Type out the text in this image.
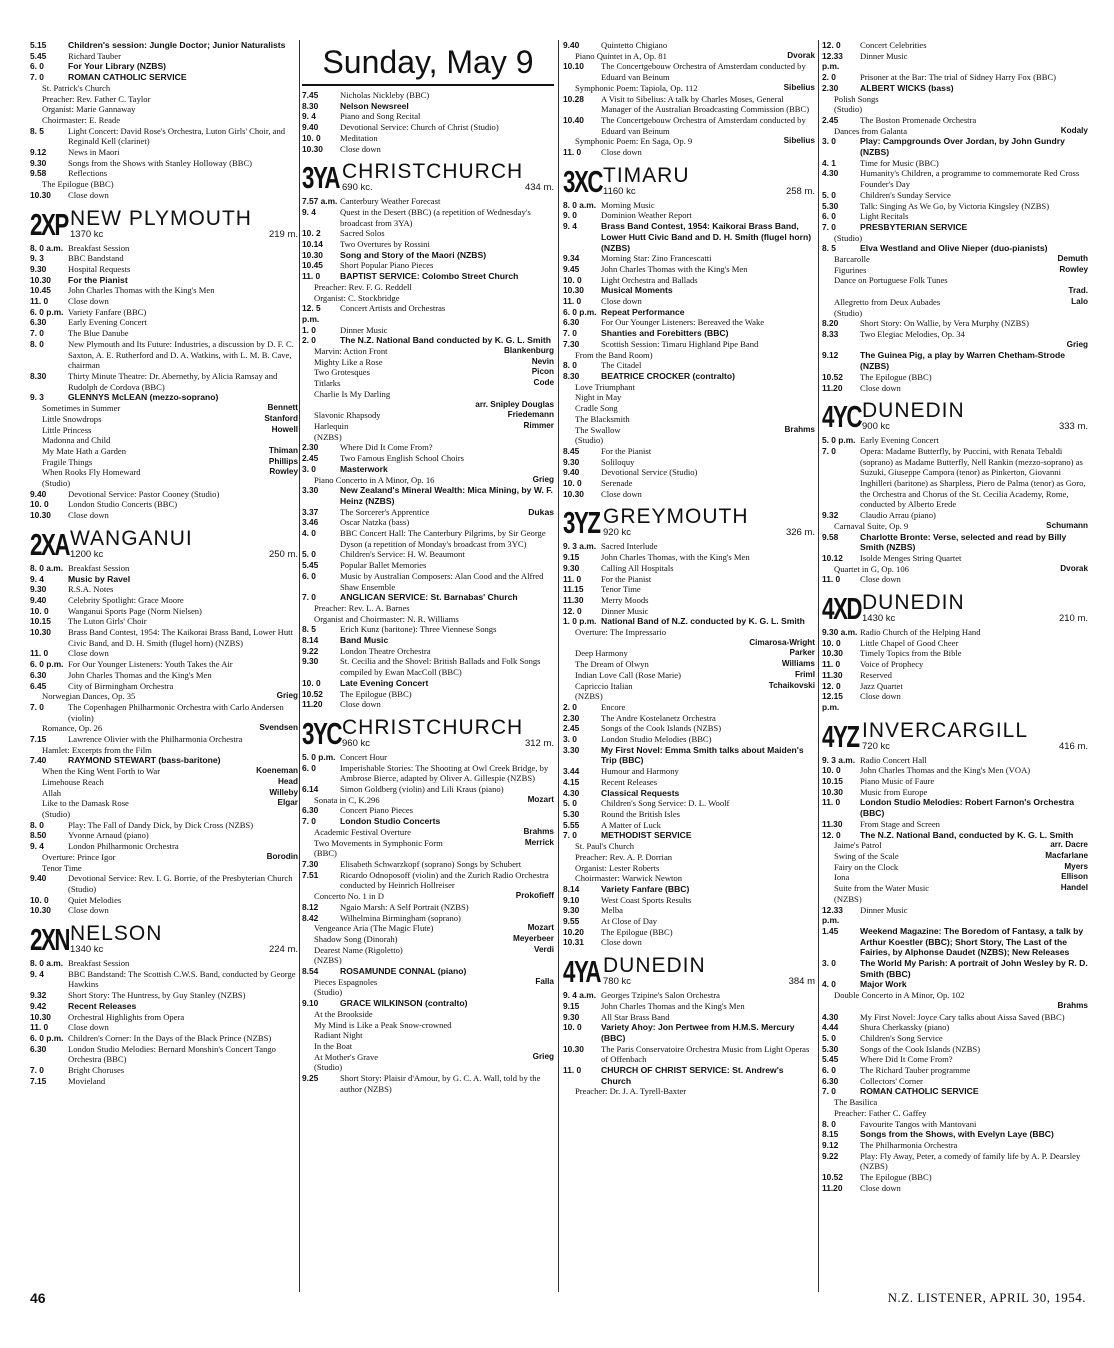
Sunday, May 9
5.15	Children's session: Jungle Doctor; Junior Naturalists
5.45	Richard Tauber
6. 0	For Your Library (NZBS)
7. 0	ROMAN CATHOLIC SERVICE
St. Patrick's Church
Preacher: Rev. Father C. Taylor
Organist: Marie Gannaway
Choirmaster: E. Reade
8. 5	Light Concert: David Rose's Orchestra, Luton Girls' Choir, and Reginald Kell (clarinet)
9.12	News in Maori
9.30	Songs from the Shows with Stanley Holloway (BBC)
9.58	Reflections
The Epilogue (BBC)
10.30	Close down
2XP NEW PLYMOUTH
1370 kc	219 m.
8. 0 a.m. Breakfast Session
9. 3	BBC Bandstand
9.30	Hospital Requests
10.30	For the Pianist
10.45	John Charles Thomas with the King's Men
11. 0	Close down
6. 0 p.m. Variety Fanfare (BBC)
6.30	Early Evening Concert
7. 0	The Blue Danube
8. 0	New Plymouth and Its Future: Industries, a discussion by D. F. C. Saxton, A. E. Rutherford and D. A. Watkins, with L. M. B. Cave, chairman
8.30	Thirty Minute Theatre: Dr. Abernethy, by Alicia Ramsay and Rudolph de Cordova (BBC)
9. 3	GLENNYS McLEAN (mezzo-soprano)
Sometimes in Summer	Bennett
Little Snowdrops	Stanford
Little Princess	Howell
Madonna and Child
My Mate Hath a Garden	Thiman
Fragile Things	Phillips
When Rooks Fly Homeward	Rowley
(Studio)
9.40	Devotional Service: Pastor Cooney (Studio)
10. 0	London Studio Concerts (BBC)
10.30	Close down
2XA WANGANUI
1200 kc	250 m.
8. 0 a.m. Breakfast Session
9. 4	Music by Ravel
9.30	R.S.A. Notes
9.40	Celebrity Spotlight: Grace Moore
10. 0	Wanganui Sports Page (Norm Nielsen)
10.15	The Luton Girls' Choir
10.30	Brass Band Contest, 1954: The Kaikorai Brass Band, Lower Hutt Civic Band, and D. H. Smith (flugel horn) (NZBS)
11. 0	Close down
6. 0 p.m. For Our Younger Listeners: Youth Takes the Air
6.30	John Charles Thomas and the King's Men
6.45	City of Birmingham Orchestra
Norwegian Dances, Op. 35	Grieg
7. 0	The Copenhagen Philharmonic Orchestra with Carlo Andersen (violin)
Romance, Op. 26	Svendsen
7.15	Lawrence Olivier with the Philharmonia Orchestra
Hamlet: Excerpts from the Film
7.40	RAYMOND STEWART (bass-baritone)
When the King Went Forth to War	Koeneman
Limehouse Reach	Head
Allah	Willeby
Like to the Damask Rose	Elgar
(Studio)
8. 0	Play: The Fall of Dandy Dick, by Dick Cross (NZBS)
8.50	Yvonne Arnaud (piano)
9. 4	London Philharmonic Orchestra
Overture: Prince Igor	Borodin
Tenor Time
9.40	Devotional Service: Rev. I. G. Borrie, of the Presbyterian Church (Studio)
10. 0	Quiet Melodies
10.30	Close down
2XN NELSON
1340 kc	224 m.
8. 0 a.m. Breakfast Session
9. 4	BBC Bandstand: The Scottish C.W.S. Band, conducted by George Hawkins
9.32	Short Story: The Huntress, by Guy Stanley (NZBS)
9.42	Recent Releases
10.30	Orchestral Highlights from Opera
11. 0	Close down
6. 0 p.m. Children's Corner: In the Days of the Black Prince (NZBS)
6.30	London Studio Melodies: Bernard Monshin's Concert Tango Orchestra (BBC)
7. 0	Bright Choruses
7.15	Movieland
7.45	Nicholas Nickleby (BBC)
8.30	Nelson Newsreel
9. 4	Piano and Song Recital
9.40	Devotional Service: Church of Christ (Studio)
10. 0	Meditation
10.30	Close down
3YA CHRISTCHURCH
690 kc.	434 m.
7.57 a.m. Canterbury Weather Forecast
9. 4	Quest in the Desert (BBC) (a repetition of Wednesday's broadcast from 3YA)
10. 2	Sacred Solos
10.14	Two Overtures by Rossini
10.30	Song and Story of the Maori (NZBS)
10.45	Short Popular Piano Pieces
11. 0	BAPTIST SERVICE: Colombo Street Church
Preacher: Rev. F. G. Reddell
Organist: C. Stockbridge
12. 5 p.m.
Concert Artists and Orchestras
1. 0	Dinner Music
2. 0	The N.Z. National Band conducted by K. G. L. Smith
Marvin: Action Front	Blankenburg
Mighty Like a Rose	Nevin
Two Grotesques	Picon
Titlarks	Code
Charlie Is My Darling
arr. Snipley Douglas
Slavonic Rhapsody	Friedemann
Harlequin	Rimmer
(NZBS)
2.30	Where Did It Come From?
2.45	Two Famous English School Choirs
3. 0	Masterwork
Piano Concerto in A Minor, Op. 16	Grieg
3.30	New Zealand's Mineral Wealth: Mica Mining, by W. F. Heinz (NZBS)
3.37	The Sorcerer's Apprentice	Dukas
3.46	Oscar Natzka (bass)
4. 0	BBC Concert Hall: The Canterbury Pilgrims, by Sir George Dyson (a repetition of Monday's broadcast from 3YC)
5. 0	Children's Service: H. W. Beaumont
5.45	Popular Ballet Memories
6. 0	Music by Australian Composers: Alan Cood and the Alfred Shaw Ensemble
7. 0	ANGLICAN SERVICE: St. Barnabas' Church
Preacher: Rev. L. A. Barnes
Organist and Choirmaster: N. R. Williams
8. 5	Erich Kunz (baritone): Three Viennese Songs
8.14	Band Music
9.22	London Theatre Orchestra
9.30	St. Cecilia and the Shovel: British Ballads and Folk Songs compiled by Ewan MacColl (BBC)
10. 0	Late Evening Concert
10.52	The Epilogue (BBC)
11.20	Close down
3YC CHRISTCHURCH
960 kc	312 m.
5. 0 p.m. Concert Hour
6. 0	Imperishable Stories: The Shooting at Owl Creek Bridge, by Ambrose Bierce, adapted by Oliver A. Gillespie (NZBS)
6.14	Simon Goldberg (violin) and Lili Kraus (piano)
Sonata in C, K.296	Mozart
6.30	Concert Piano Pieces
7. 0	London Studio Concerts
Academic Festival Overture	Brahms
Two Movements in Symphonic Form	Merrick
(BBC)
7.30	Elisabeth Schwarzkopf (soprano) Songs by Schubert
7.51	Ricardo Odnoposoff (violin) and the Zurich Radio Orchestra conducted by Heinrich Hollreiser
Concerto No. 1 in D	Prokofieff
8.12	Ngaio Marsh: A Self Portrait (NZBS)
8.42	Wilhelmina Birmingham (soprano)
Vengeance Aria (The Magic Flute)	Mozart
Shadow Song (Dinorah)	Meyerbeer
Dearest Name (Rigoletto)	Verdi
(NZBS)
8.54	ROSAMUNDE CONNAL (piano)
Pieces Espagnoles	Falla
(Studio)
9.10	GRACE WILKINSON (contralto)
At the Brookside
My Mind is Like a Peak Snow-crowned
Radiant Night
In the Boat
At Mother's Grave	Grieg
(Studio)
9.25	Short Story: Plaisir d'Amour, by G. C. A. Wall, told by the author (NZBS)
9.40	Quintetto Chigiano
Piano Quintet in A, Op. 81	Dvorak
10.10	The Concertgebouw Orchestra of Amsterdam conducted by Eduard van Beinum
Symphonic Poem: Tapiola, Op. 112	Sibelius
10.28	A Visit to Sibelius: A talk by Charles Moses, General Manager of the Australian Broadcasting Commission (BBC)
10.40	The Concertgebouw Orchestra of Amsterdam conducted by Eduard van Beinum
Symphonic Poem: En Saga, Op. 9	Sibelius
11. 0	Close down
3XC TIMARU
1160 kc	258 m.
8. 0 a.m. Morning Music
9. 0	Dominion Weather Report
9. 4	Brass Band Contest, 1954: Kaikorai Brass Band, Lower Hutt Civic Band and D. H. Smith (flugel horn) (NZBS)
9.34	Morning Star: Zino Francescatti
9.45	John Charles Thomas with the King's Men
10. 0	Light Orchestra and Ballads
10.30	Musical Moments
11. 0	Close down
6. 0 p.m. Repeat Performance
6.30	For Our Younger Listeners: Bereaved the Wake
7. 0	Shanties and Forebitters (BBC)
7.30	Scottish Session: Timaru Highland Pipe Band
From the Band Room)
8. 0	The Citadel
8.30	BEATRICE CROCKER (contralto)
Love Triumphant
Night in May
Cradle Song
The Blacksmith
The Swallow	Brahms
(Studio)
8.45	For the Pianist
9.30	Soliloquy
9.40	Devotional Service (Studio)
10. 0	Serenade
10.30	Close down
3YZ GREYMOUTH
920 kc	326 m.
9. 3 a.m. Sacred Interlude
9.15	John Charles Thomas, with the King's Men
9.30	Calling All Hospitals
11. 0	For the Pianist
11.15	Tenor Time
11.30	Merry Moods
12. 0	Dinner Music
1. 0 p.m. National Band of N.Z. conducted by K. G. L. Smith
Overture: The Impressario
Cimarosa-Wright
Deep Harmony	Parker
The Dream of Olwyn	Williams
Indian Love Call (Rose Marie)	Friml
Capriccio Italian	Tchaikovski
(NZBS)
2. 0	Encore
2.30	The Andre Kostelanetz Orchestra
2.45	Songs of the Cook Islands (NZBS)
3. 0	London Studio Melodies (BBC)
3.30	My First Novel: Emma Smith talks about Maiden's Trip (BBC)
3.44	Humour and Harmony
4.15	Recent Releases
4.30	Classical Requests
5. 0	Children's Song Service: D. L. Woolf
5.30	Round the British Isles
5.55	A Matter of Luck
7. 0	METHODIST SERVICE
St. Paul's Church
Preacher: Rev. A. P. Dorrian
Organist: Lester Roberts
Choirmaster: Warwick Newton
8.14	Variety Fanfare (BBC)
9.10	West Coast Sports Results
9.30	Melba
9.55	At Close of Day
10.20	The Epilogue (BBC)
10.31	Close down
4YA DUNEDIN
780 kc	384 m
9. 4 a.m. Georges Tzipine's Salon Orchestra
9.15	John Charles Thomas and the King's Men
9.30	All Star Brass Band
10. 0	Variety Ahoy: Jon Pertwee from H.M.S. Mercury (BBC)
10.30	The Paris Conservatoire Orchestra Music from Light Operas of Offenbach
11. 0	CHURCH OF CHRIST SERVICE: St. Andrew's Church
Preacher: Dr. J. A. Tyrell-Baxter
12. 0	Concert Celebrities
12.33 p.m.
Dinner Music
2. 0	Prisoner at the Bar: The trial of Sidney Harry Fox (BBC)
2.30	ALBERT WICKS (bass)
Polish Songs
(Studio)
2.45	The Boston Promenade Orchestra
Dances from Galanta	Kodaly
3. 0	Play: Campgrounds Over Jordan, by John Gundry (NZBS)
4. 1	Time for Music (BBC)
4.30	Humanity's Children, a programme to commemorate Red Cross Founder's Day
5. 0	Children's Sunday Service
5.30	Talk: Singing As We Go, by Victoria Kingsley (NZBS)
6. 0	Light Recitals
7. 0	PRESBYTERIAN SERVICE
(Studio)
8. 5	Elva Westland and Olive Nieper (duo-pianists)
Barcarolle	Demuth
Figurines	Rowley
Dance on Portuguese Folk Tunes
Trad.
Allegretto from Deux Aubades	Lalo
(Studio)
8.20	Short Story: On Wallie, by Vera Murphy (NZBS)
8.33	Two Elegiac Melodies, Op. 34
Grieg
9.12	The Guinea Pig, a play by Warren Chetham-Strode (NZBS)
10.52	The Epilogue (BBC)
11.20	Close down
4YC DUNEDIN
900 kc	333 m.
5. 0 p.m. Early Evening Concert
7. 0	Opera: Madame Butterfly, by Puccini, with Renata Tebaldi (soprano) as Madame Butterfly, Nell Rankin (mezzo-soprano) as Suzuki, Giuseppe Campora (tenor) as Pinkerton, Giovanni Inghilleri (baritone) as Sharpless, Piero de Palma (tenor) as Goro, the Orchestra and Chorus of the St. Cecilia Academy, Rome, conducted by Alberto Erede
9.32	Claudio Arrau (piano)
Carnaval Suite, Op. 9	Schumann
9.58	Charlotte Bronte: Verse, selected and read by Billy Smith (NZBS)
10.12	Isolde Menges String Quartet
Quartet in G, Op. 106	Dvorak
11. 0	Close down
4XD DUNEDIN
1430 kc	210 m.
9.30 a.m. Radio Church of the Helping Hand
10. 0	Little Chapel of Good Cheer
10.30	Timely Topics from the Bible
11. 0	Voice of Prophecy
11.30	Reserved
12. 0	Jazz Quartet
12.15 p.m.
Close down
4YZ INVERCARGILL
720 kc	416 m.
9. 3 a.m. Radio Concert Hall
10. 0	John Charles Thomas and the King's Men (VOA)
10.15	Piano Music of Faure
10.30	Music from Europe
11. 0	London Studio Melodies: Robert Farnon's Orchestra (BBC)
11.30	From Stage and Screen
12. 0	The N.Z. National Band, conducted by K. G. L. Smith
Jaime's Patrol	arr. Dacre
Swing of the Scale	Macfarlane
Fairy on the Clock	Myers
Iona	Ellison
Suite from the Water Music	Handel
(NZBS)
12.33 p.m.
Dinner Music
1.45	Weekend Magazine: The Boredom of Fantasy, a talk by Arthur Koestler (BBC); Short Story, The Last of the Fairies, by Alphonse Daudet (NZBS); New Releases
3. 0	The World My Parish: A portrait of John Wesley by R. D. Smith (BBC)
4. 0	Major Work
Double Concerto in A Minor, Op. 102
Brahms
4.30	My First Novel: Joyce Cary talks about Aissa Saved (BBC)
4.44	Shura Cherkassky (piano)
5. 0	Children's Song Service
5.30	Songs of the Cook Islands (NZBS)
5.45	Where Did It Come From?
6. 0	The Richard Tauber programme
6.30	Collectors' Corner
7. 0	ROMAN CATHOLIC SERVICE
The Basilica
Preacher: Father C. Gaffey
8. 0	Favourite Tangos with Mantovani
8.15	Songs from the Shows, with Evelyn Laye (BBC)
9.12	The Philharmonia Orchestra
9.22	Play: Fly Away, Peter, a comedy of family life by A. P. Dearsley (NZBS)
10.52	The Epilogue (BBC)
11.20	Close down
46	N.Z. LISTENER, APRIL 30, 1954.
